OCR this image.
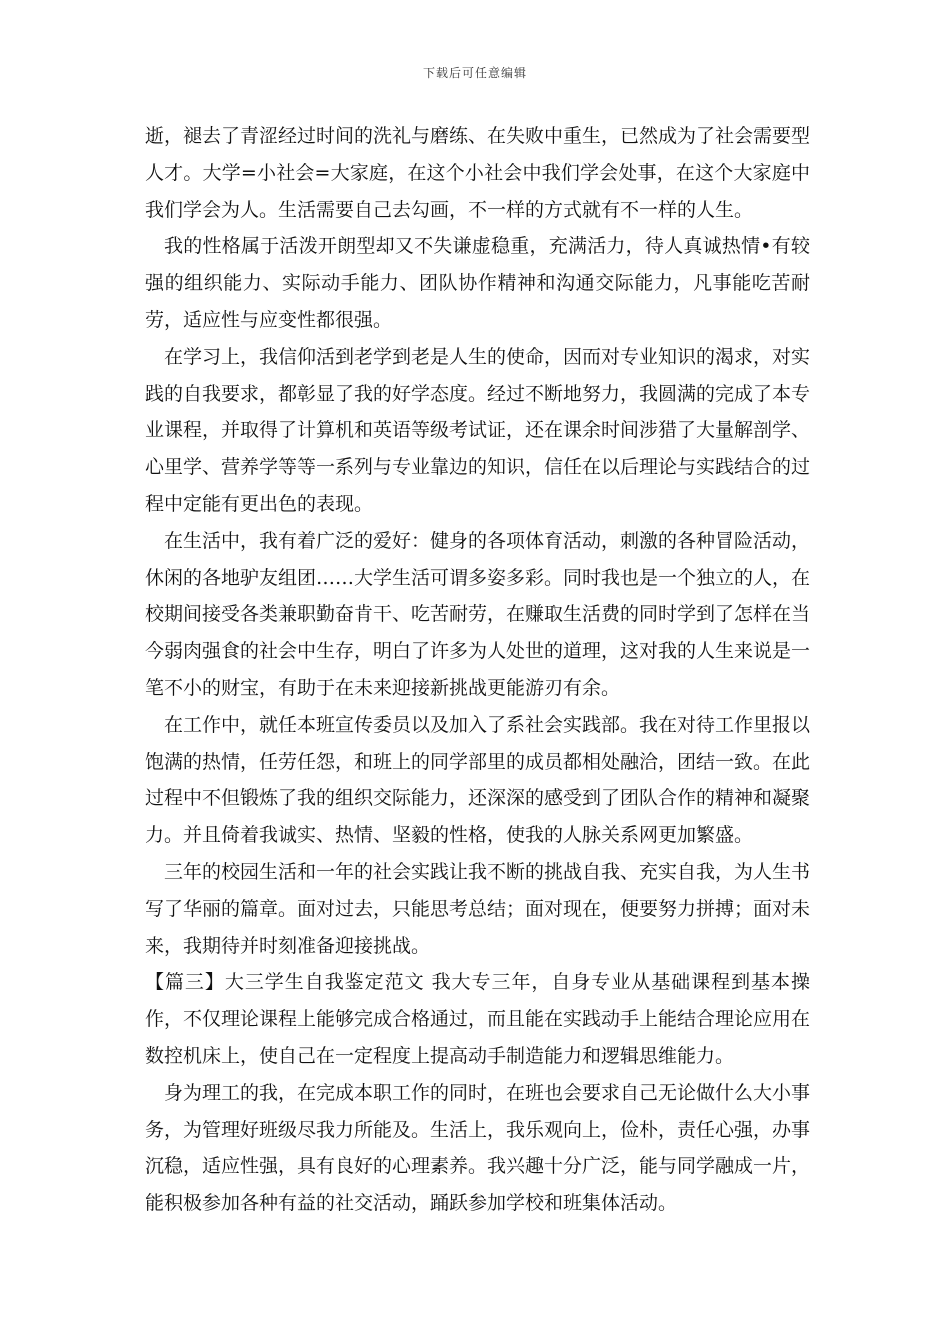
下载后可任意编辑

逝，褪去了青涩经过时间的洗礼与磨练、在失败中重生，已然成为了社会需要型人才。大学=小社会=大家庭，在这个小社会中我们学会处事，在这个大家庭中我们学会为人。生活需要自己去勾画，不一样的方式就有不一样的人生。

我的性格属于活泼开朗型却又不失谦虚稳重，充满活力，待人真诚热情•有较强的组织能力、实际动手能力、团队协作精神和沟通交际能力，凡事能吃苦耐劳，适应性与应变性都很强。

在学习上，我信仰活到老学到老是人生的使命，因而对专业知识的渴求，对实践的自我要求，都彰显了我的好学态度。经过不断地努力，我圆满的完成了本专业课程，并取得了计算机和英语等级考试证，还在课余时间涉猎了大量解剖学、心里学、营养学等等一系列与专业靠边的知识，信任在以后理论与实践结合的过程中定能有更出色的表现。

在生活中，我有着广泛的爱好：健身的各项体育活动，刺激的各种冒险活动，休闲的各地驴友组团……大学生活可谓多姿多彩。同时我也是一个独立的人，在校期间接受各类兼职勤奋肯干、吃苦耐劳，在赚取生活费的同时学到了怎样在当今弱肉强食的社会中生存，明白了许多为人处世的道理，这对我的人生来说是一笔不小的财宝，有助于在未来迎接新挑战更能游刃有余。

在工作中，就任本班宣传委员以及加入了系社会实践部。我在对待工作里报以饱满的热情，任劳任怨，和班上的同学部里的成员都相处融洽，团结一致。在此过程中不但锻炼了我的组织交际能力，还深深的感受到了团队合作的精神和凝聚力。并且倚着我诚实、热情、坚毅的性格，使我的人脉关系网更加繁盛。

三年的校园生活和一年的社会实践让我不断的挑战自我、充实自我，为人生书写了华丽的篇章。面对过去，只能思考总结；面对现在，便要努力拼搏；面对未来，我期待并时刻准备迎接挑战。

【篇三】大三学生自我鉴定范文 我大专三年，自身专业从基础课程到基本操作，不仅理论课程上能够完成合格通过，而且能在实践动手上能结合理论应用在数控机床上，使自己在一定程度上提高动手制造能力和逻辑思维能力。

身为理工的我，在完成本职工作的同时，在班也会要求自己无论做什么大小事务，为管理好班级尽我力所能及。生活上，我乐观向上，俭朴，责任心强，办事沉稳，适应性强，具有良好的心理素养。我兴趣十分广泛，能与同学融成一片，能积极参加各种有益的社交活动，踊跃参加学校和班集体活动。
